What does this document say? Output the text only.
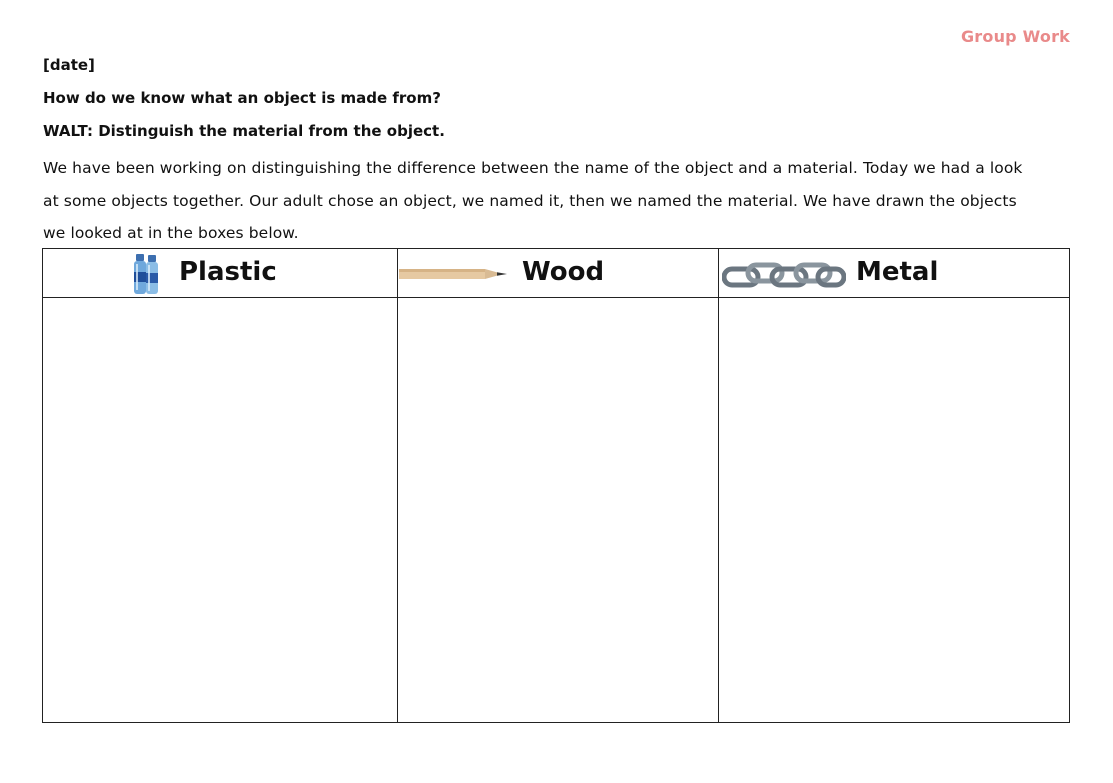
Group Work
[date]
How do we know what an object is made from?
WALT: Distinguish the material from the object.
We have been working on distinguishing the difference between the name of the object and a material. Today we had a look
at some objects together. Our adult chose an object, we named it, then we named the material. We have drawn the objects
we looked at in the boxes below.
Plastic	Wood	Metal
